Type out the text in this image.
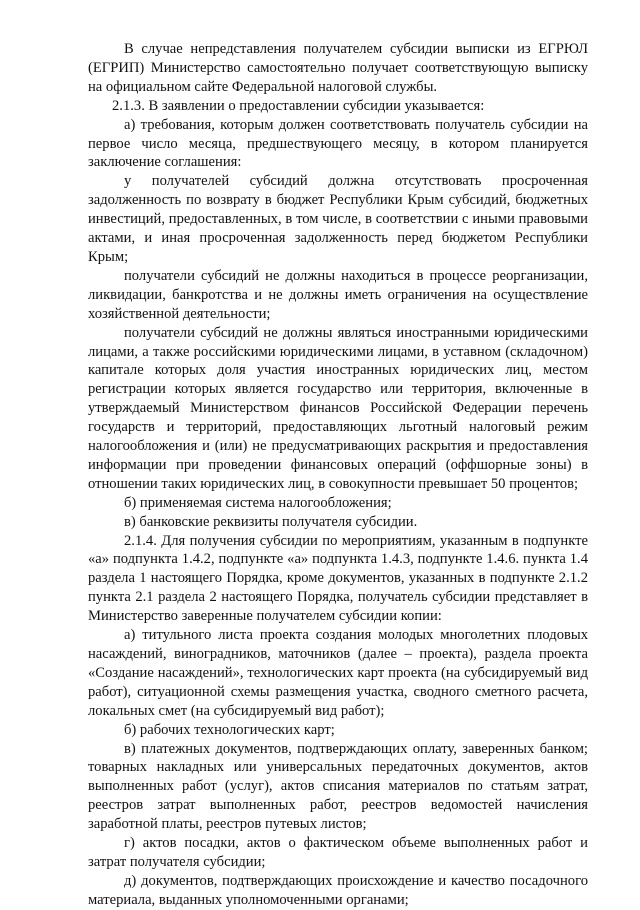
В случае непредставления получателем субсидии выписки из ЕГРЮЛ (ЕГРИП) Министерство самостоятельно получает соответствующую выписку на официальном сайте Федеральной налоговой службы.

2.1.3. В заявлении о предоставлении субсидии указывается:

а) требования, которым должен соответствовать получатель субсидии на первое число месяца, предшествующего месяцу, в котором планируется заключение соглашения:

у получателей субсидий должна отсутствовать просроченная задолженность по возврату в бюджет Республики Крым субсидий, бюджетных инвестиций, предоставленных, в том числе, в соответствии с иными правовыми актами, и иная просроченная задолженность перед бюджетом Республики Крым;

получатели субсидий не должны находиться в процессе реорганизации, ликвидации, банкротства и не должны иметь ограничения на осуществление хозяйственной деятельности;

получатели субсидий не должны являться иностранными юридическими лицами, а также российскими юридическими лицами, в уставном (складочном) капитале которых доля участия иностранных юридических лиц, местом регистрации которых является государство или территория, включенные в утверждаемый Министерством финансов Российской Федерации перечень государств и территорий, предоставляющих льготный налоговый режим налогообложения и (или) не предусматривающих раскрытия и предоставления информации при проведении финансовых операций (оффшорные зоны) в отношении таких юридических лиц, в совокупности превышает 50 процентов;

б) применяемая система налогообложения;

в) банковские реквизиты получателя субсидии.

2.1.4. Для получения субсидии по мероприятиям, указанным в подпункте «а» подпункта 1.4.2, подпункте «а» подпункта 1.4.3, подпункте 1.4.6. пункта 1.4 раздела 1 настоящего Порядка, кроме документов, указанных в подпункте 2.1.2 пункта 2.1 раздела 2 настоящего Порядка, получатель субсидии представляет в Министерство заверенные получателем субсидии копии:

а) титульного листа проекта создания молодых многолетних плодовых насаждений, виноградников, маточников (далее – проекта), раздела проекта «Создание насаждений», технологических карт проекта (на субсидируемый вид работ), ситуационной схемы размещения участка, сводного сметного расчета, локальных смет (на субсидируемый вид работ);

б) рабочих технологических карт;

в) платежных документов, подтверждающих оплату, заверенных банком; товарных накладных или универсальных передаточных документов, актов выполненных работ (услуг), актов списания материалов по статьям затрат, реестров затрат выполненных работ, реестров ведомостей начисления заработной платы, реестров путевых листов;

г) актов посадки, актов о фактическом объеме выполненных работ и затрат получателя субсидии;

д) документов, подтверждающих происхождение и качество посадочного материала, выданных уполномоченными органами;
